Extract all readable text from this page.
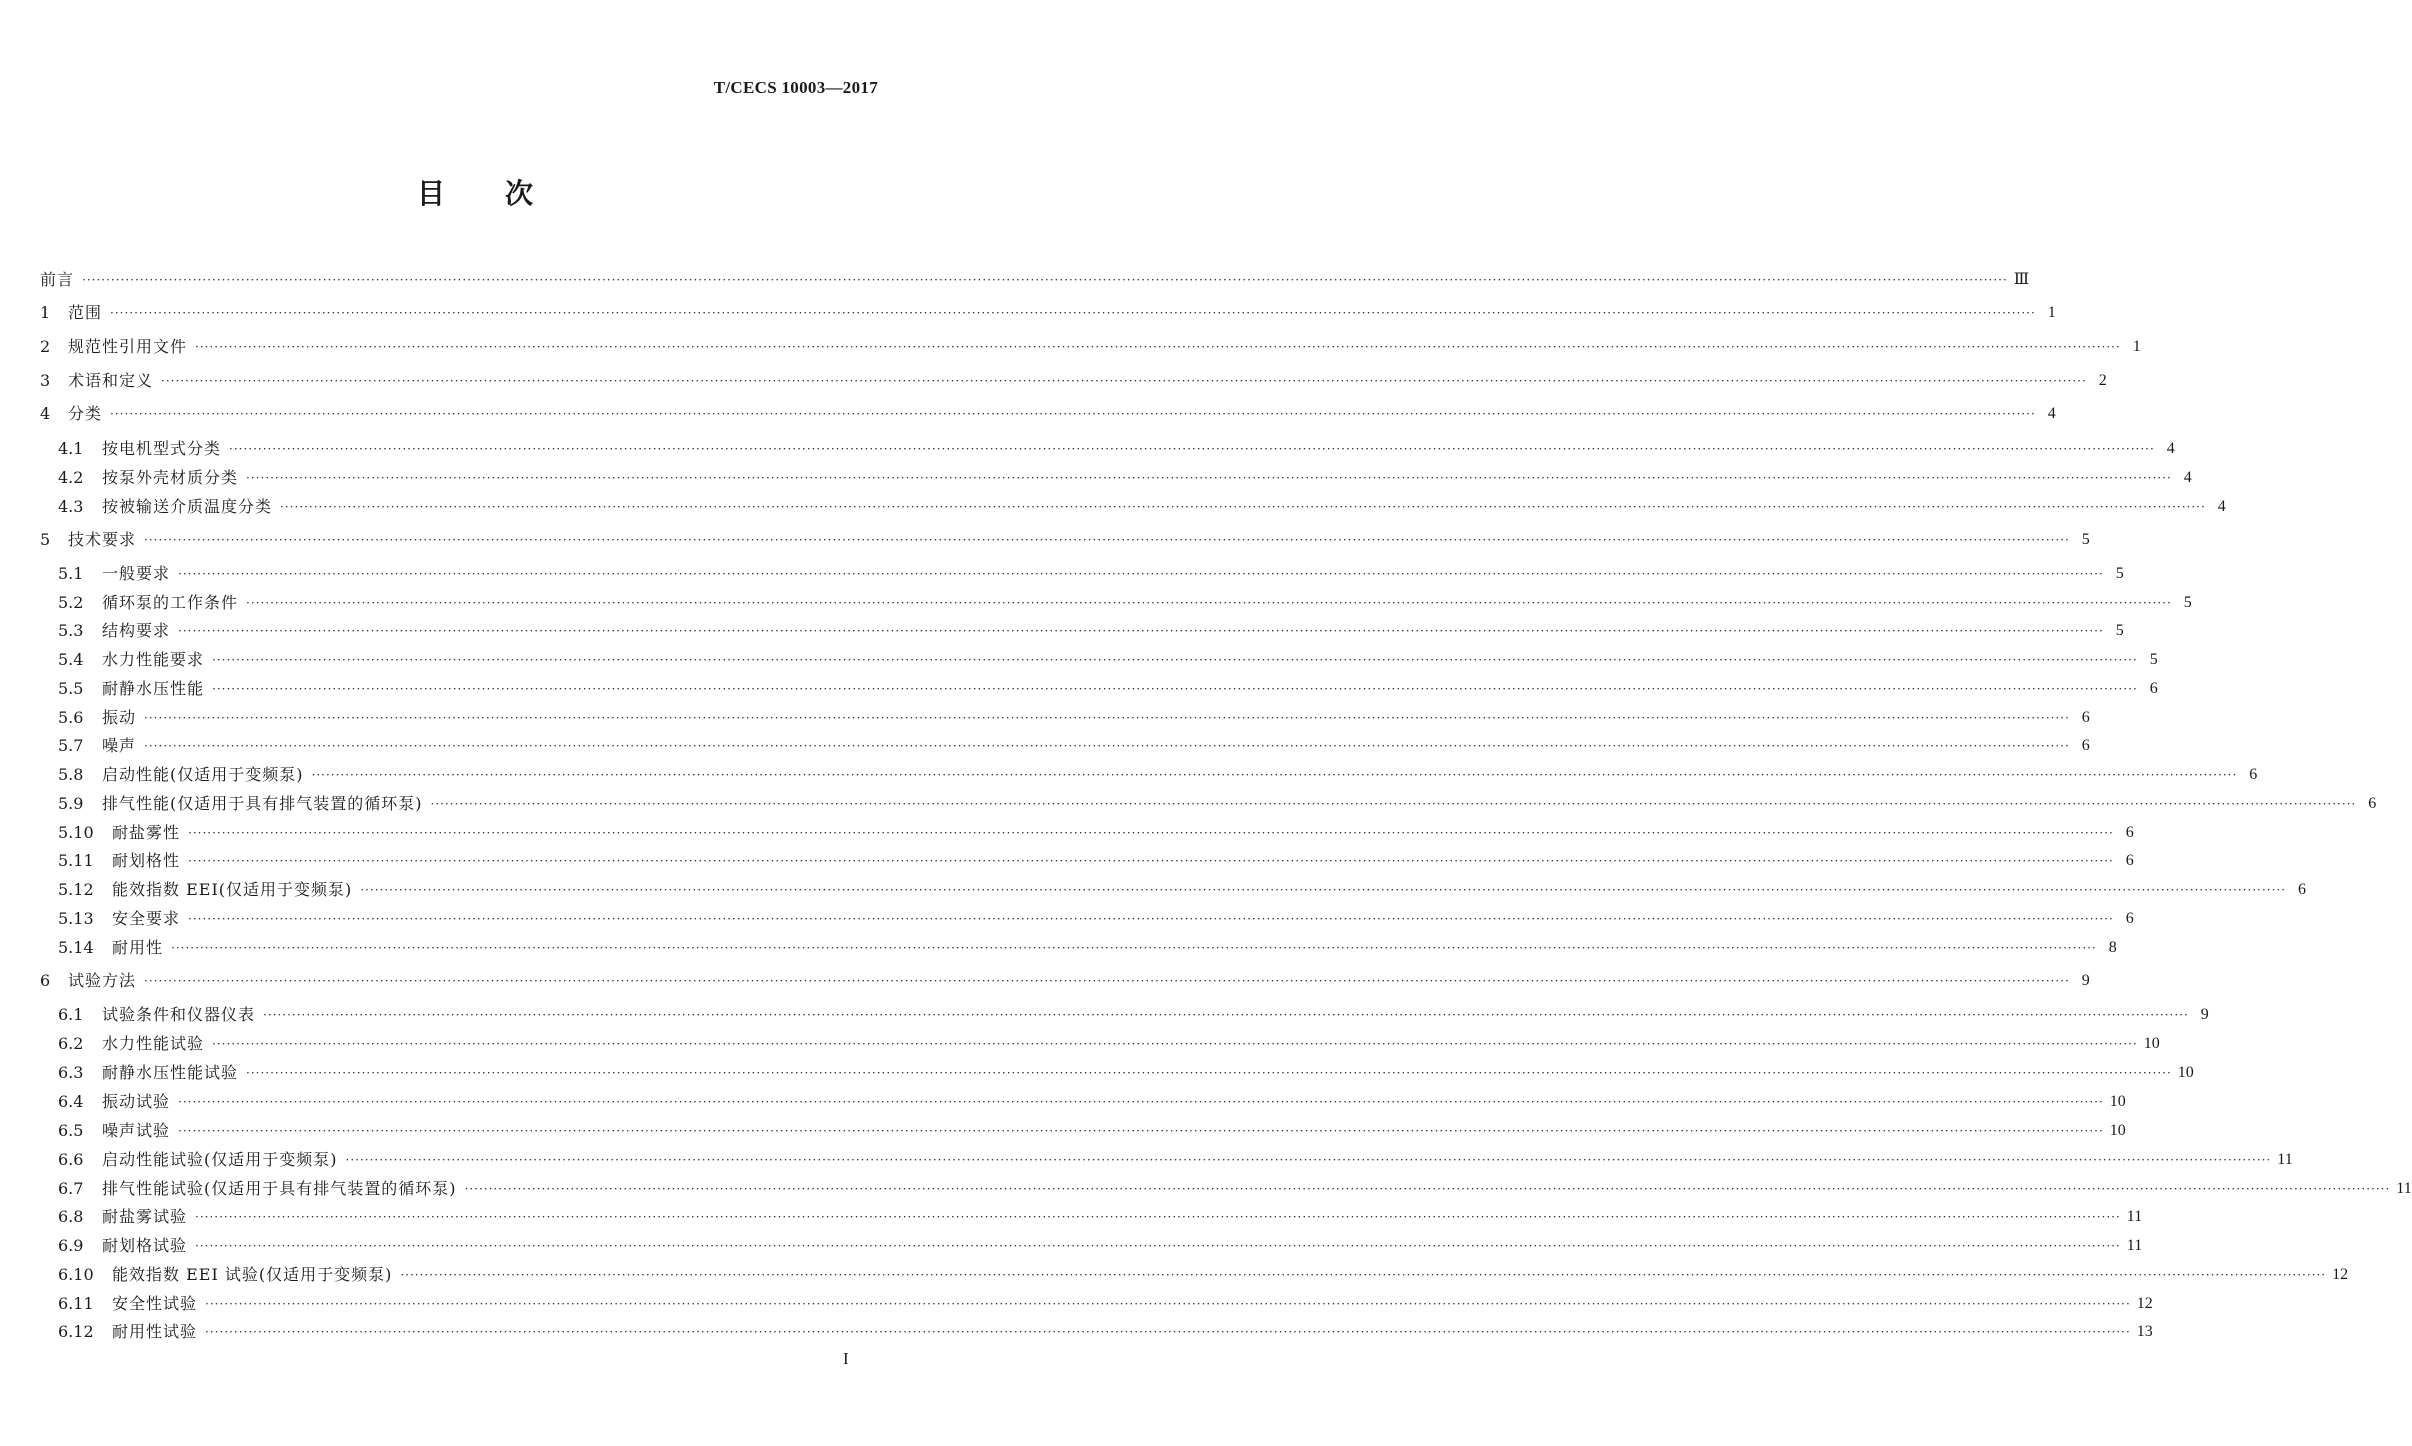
T/CECS 10003—2017
目次
前言 ················································································································································································································································································································································································································ Ⅲ
1	范围 ················································································································································································································································································································································································································ 1
2	规范性引用文件 ················································································································································································································································································································································································································ 1
3	术语和定义 ················································································································································································································································································································································································································ 2
4	分类 ················································································································································································································································································································································································································ 4
4.1	按电机型式分类 ················································································································································································································································································································································································································ 4
4.2	按泵外壳材质分类 ················································································································································································································································································································································································································ 4
4.3	按被输送介质温度分类 ················································································································································································································································································································································································································ 4
5	技术要求 ················································································································································································································································································································································································································ 5
5.1	一般要求 ················································································································································································································································································································································································································ 5
5.2	循环泵的工作条件 ················································································································································································································································································································································································································ 5
5.3	结构要求 ················································································································································································································································································································································································································ 5
5.4	水力性能要求 ················································································································································································································································································································································································································ 5
5.5	耐静水压性能 ················································································································································································································································································································································································································ 6
5.6	振动 ················································································································································································································································································································································································································ 6
5.7	噪声 ················································································································································································································································································································································································································ 6
5.8	启动性能(仅适用于变频泵) ················································································································································································································································································································································································································ 6
5.9	排气性能(仅适用于具有排气装置的循环泵) ················································································································································································································································································································································································································ 6
5.10	耐盐雾性 ················································································································································································································································································································································································································ 6
5.11	耐划格性 ················································································································································································································································································································································································································ 6
5.12	能效指数 EEI(仅适用于变频泵) ················································································································································································································································································································································································································ 6
5.13	安全要求 ················································································································································································································································································································································································································ 6
5.14	耐用性 ················································································································································································································································································································································································································ 8
6	试验方法 ················································································································································································································································································································································································································ 9
6.1	试验条件和仪器仪表 ················································································································································································································································································································································································································ 9
6.2	水力性能试验 ················································································································································································································································································································································································································ 10
6.3	耐静水压性能试验 ················································································································································································································································································································································································································ 10
6.4	振动试验 ················································································································································································································································································································································································································ 10
6.5	噪声试验 ················································································································································································································································································································································································································ 10
6.6	启动性能试验(仅适用于变频泵) ················································································································································································································································································································································································································ 11
6.7	排气性能试验(仅适用于具有排气装置的循环泵) ················································································································································································································································································································································································································ 11
6.8	耐盐雾试验 ················································································································································································································································································································································································································ 11
6.9	耐划格试验 ················································································································································································································································································································································································································ 11
6.10	能效指数 EEI 试验(仅适用于变频泵) ················································································································································································································································································································································································································ 12
6.11	安全性试验 ················································································································································································································································································································································································································ 12
6.12	耐用性试验 ················································································································································································································································································································································································································ 13
I
